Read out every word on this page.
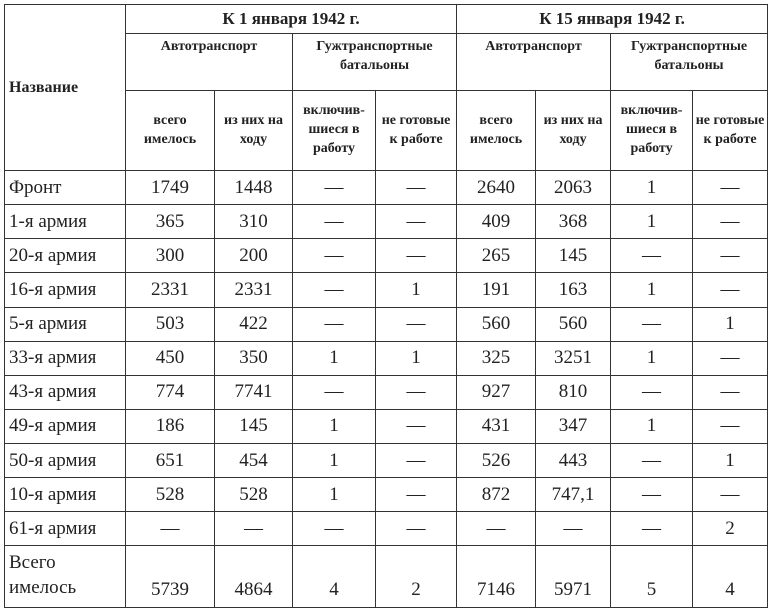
Название	К 1 января 1942 г.				К 15 января 1942 г.			
	Автотранспорт		Гужтранспортные батальоны		Автотранспорт		Гужтранспортные батальоны	
	всего имелось	из них на ходу	включив-шиеся в работу	не готовые к работе	всего имелось	из них на ходу	включив-шиеся в работу	не готовые к работе
Фронт	1749	1448	—	—	2640	2063	1	—
1-я армия	365	310	—	—	409	368	1	—
20-я армия	300	200	—	—	265	145	—	—
16-я армия	2331	2331	—	1	191	163	1	—
5-я армия	503	422	—	—	560	560	—	1
33-я армия	450	350	1	1	325	3251	1	—
43-я армия	774	7741	—	—	927	810	—	—
49-я армия	186	145	1	—	431	347	1	—
50-я армия	651	454	1	—	526	443	—	1
10-я армия	528	528	1	—	872	747,1	—	—
61-я армия	—	—	—	—	—	—	—	2
Всего имелось	5739	4864	4	2	7146	5971	5	4
